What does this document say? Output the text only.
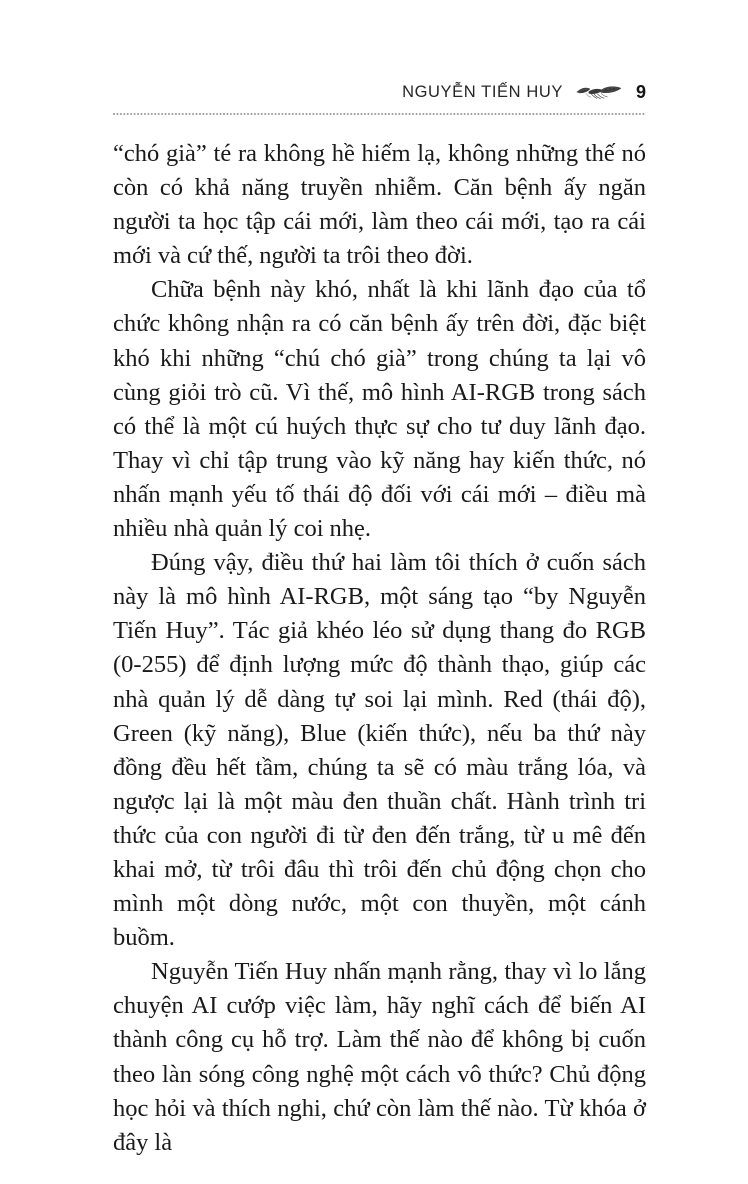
NGUYỄN TIẾN HUY	9

“chó già” té ra không hề hiếm lạ, không những thế nó còn có khả năng truyền nhiễm. Căn bệnh ấy ngăn người ta học tập cái mới, làm theo cái mới, tạo ra cái mới và cứ thế, người ta trôi theo đời.

Chữa bệnh này khó, nhất là khi lãnh đạo của tổ chức không nhận ra có căn bệnh ấy trên đời, đặc biệt khó khi những “chú chó già” trong chúng ta lại vô cùng giỏi trò cũ. Vì thế, mô hình AI-RGB trong sách có thể là một cú huých thực sự cho tư duy lãnh đạo. Thay vì chỉ tập trung vào kỹ năng hay kiến thức, nó nhấn mạnh yếu tố thái độ đối với cái mới – điều mà nhiều nhà quản lý coi nhẹ.

Đúng vậy, điều thứ hai làm tôi thích ở cuốn sách này là mô hình AI-RGB, một sáng tạo “by Nguyễn Tiến Huy”. Tác giả khéo léo sử dụng thang đo RGB (0-255) để định lượng mức độ thành thạo, giúp các nhà quản lý dễ dàng tự soi lại mình. Red (thái độ), Green (kỹ năng), Blue (kiến thức), nếu ba thứ này đồng đều hết tầm, chúng ta sẽ có màu trắng lóa, và ngược lại là một màu đen thuần chất. Hành trình tri thức của con người đi từ đen đến trắng, từ u mê đến khai mở, từ trôi đâu thì trôi đến chủ động chọn cho mình một dòng nước, một con thuyền, một cánh buồm.

Nguyễn Tiến Huy nhấn mạnh rằng, thay vì lo lắng chuyện AI cướp việc làm, hãy nghĩ cách để biến AI thành công cụ hỗ trợ. Làm thế nào để không bị cuốn theo làn sóng công nghệ một cách vô thức? Chủ động học hỏi và thích nghi, chứ còn làm thế nào. Từ khóa ở đây là
